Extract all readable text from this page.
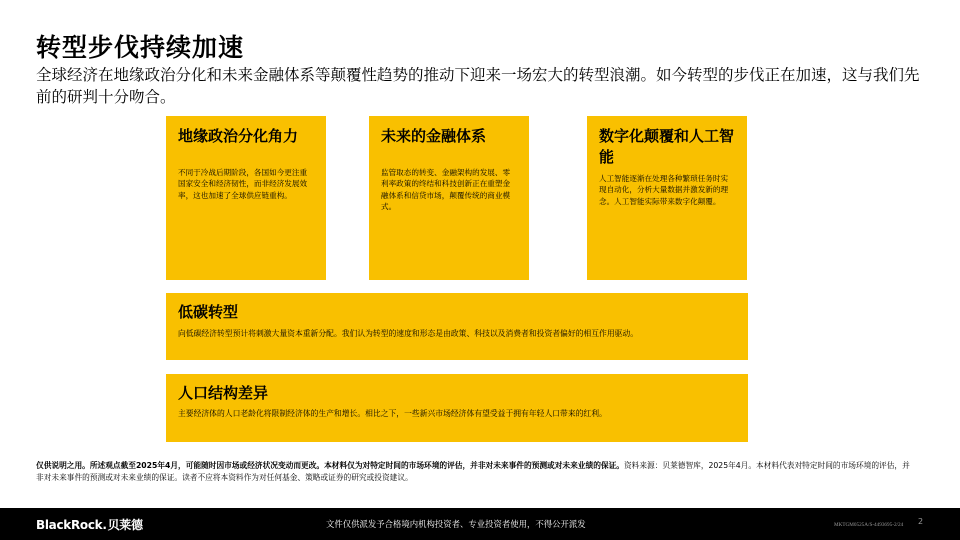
转型步伐持续加速
全球经济在地缘政治分化和未来金融体系等颠覆性趋势的推动下迎来一场宏大的转型浪潮。如今转型的步伐正在加速，这与我们先前的研判十分吻合。
地缘政治分化角力
不同于冷战后期阶段，各国如今更注重国家安全和经济韧性，而非经济发展效率，这也加速了全球供应链重构。
未来的金融体系
监管取态的转变、金融架构的发展、零利率政策的终结和科技创新正在重塑金融体系和信贷市场，颠覆传统的商业模式。
数字化颠覆和人工智能
人工智能逐渐在处理各种繁琐任务时实现自动化，分析大量数据并激发新的理念。人工智能实际带来数字化颠覆。
低碳转型
向低碳经济转型预计将刺激大量资本重新分配。我们认为转型的速度和形态是由政策、科技以及消费者和投资者偏好的相互作用驱动。
人口结构差异
主要经济体的人口老龄化将限制经济体的生产和增长。相比之下，一些新兴市场经济体有望受益于拥有年轻人口带来的红利。
仅供说明之用。所述观点截至2025年4月，可能随时因市场或经济状况变动而更改。本材料仅为对特定时间的市场环境的评估，并非对未来事件的预测或对未来业绩的保证。资料来源：贝莱德智库，2025年4月。本材料代表对特定时间的市场环境的评估，并非对未来事件的预测或对未来业绩的保证。读者不应将本资料作为对任何基金、策略或证券的研究或投资建议。
BlackRock.贝莱德	文件仅供派发予合格境内机构投资者、专业投资者使用，不得公开派发	MKTGM0525A/S-4493695-2/24 2
